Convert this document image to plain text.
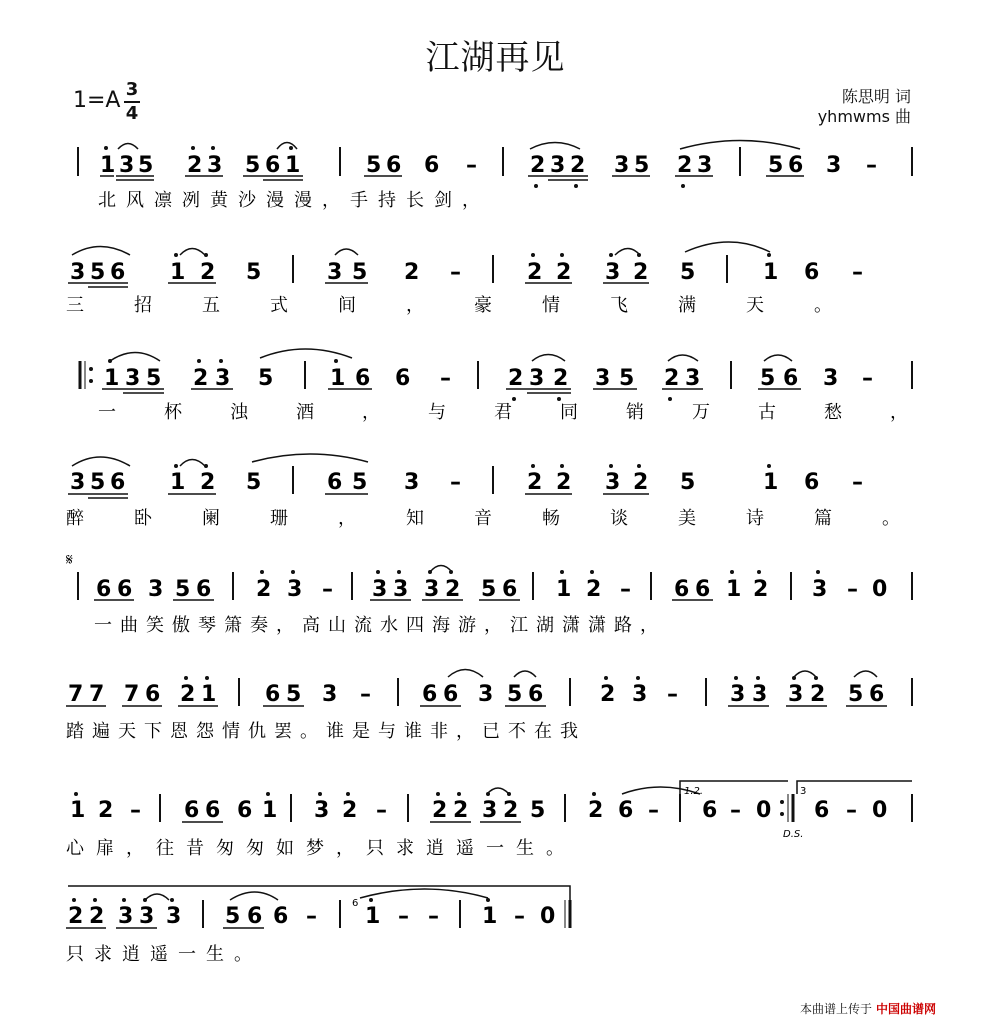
江湖再见
1=A 3
4
陈思明 词
yhmwms 曲
1 3 5 2 3 5 6 1	5 6 6 – 2 3 2 3 5 2 3	5 6 3 –
北风凛冽黄沙漫漫，手持长剑，
3 5 6 1 2 5	3 5 2 –	2 2 3 2 5	1 6 –
三招五式间，豪情飞满天。
1 3 5 2 3 5	1 6 6 –	2 3 2 3 5 2 3	5 6 3 –
一杯浊酒，与君同销万古愁，
3 5 6 1 2 5	6 5 3 –	2 2 3 2 5	1 6 –
醉卧阑珊，知音畅谈美诗篇。
𝄋
6 6 3 5 6 2 3 – 3 3 3 2 5 6 1 2 – 6 6 1 2 3 – 0
一曲笑傲琴箫奏，高山流水四海游，江湖潇潇路，
7 7 7 6 2 1 6 5 3 – 6 6 3 5 6	2 3 – 3 3 3 2 5 6
踏遍天下恩怨情仇罢。谁是与谁非，已不在我
1 2 – 6 6 6 1 3 2 – 2 2 3 2 5 2 6 – 6 – 0 6 – 0
1.2.	3
D.S.
心扉，往昔匆匆如梦，只求逍遥一生。
2 2 3 3 3 5 6 6 – 1 – – 1 – 0
6
只求逍遥一生。
本曲谱上传于 中国曲谱网
